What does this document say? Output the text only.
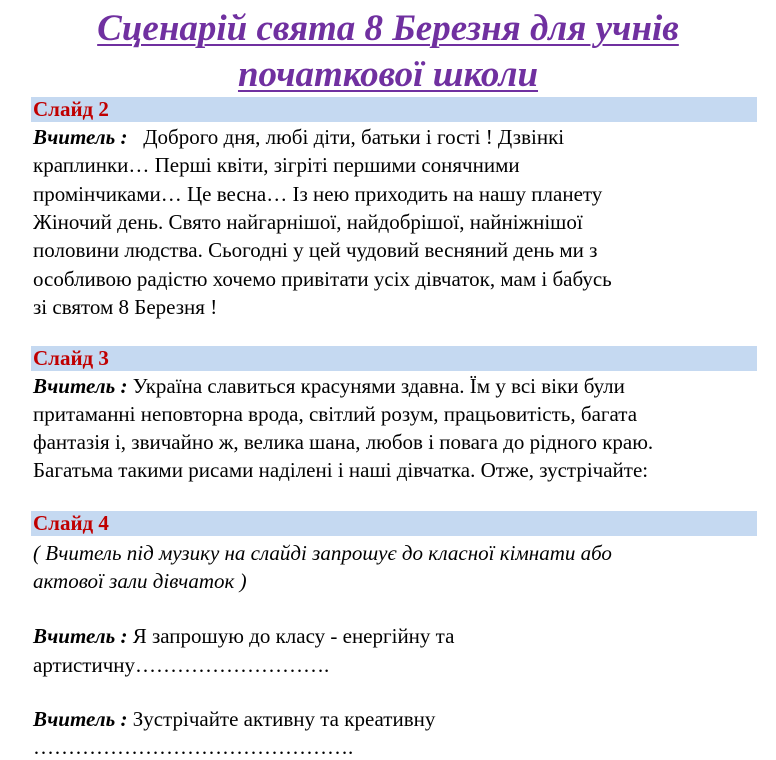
Сценарій свята 8 Березня для учнів
початкової школи
Слайд 2
Вчитель : Доброго дня, любі діти, батьки і гості ! Дзвінкі
краплинки… Перші квіти, зігріті першими сонячними
промінчиками… Це весна… Із нею приходить на нашу планету
Жіночий день. Свято найгарнішої, найдобрішої, найніжнішої
половини людства. Сьогодні у цей чудовий весняний день ми з
особливою радістю хочемо привітати усіх дівчаток, мам і бабусь
зі святом 8 Березня !
Слайд 3
Вчитель : Україна славиться красунями здавна. Їм у всі віки були
притаманні неповторна врода, світлий розум, працьовитість, багата
фантазія і, звичайно ж, велика шана, любов і повага до рідного краю.
Багатьма такими рисами наділені і наші дівчатка. Отже, зустрічайте:
Слайд 4
( Вчитель під музику на слайді запрошує до класної кімнати або
актової зали дівчаток )
Вчитель : Я запрошую до класу - енергійну та
артистичну……………………….
Вчитель : Зустрічайте активну та креативну
……………………………………….
